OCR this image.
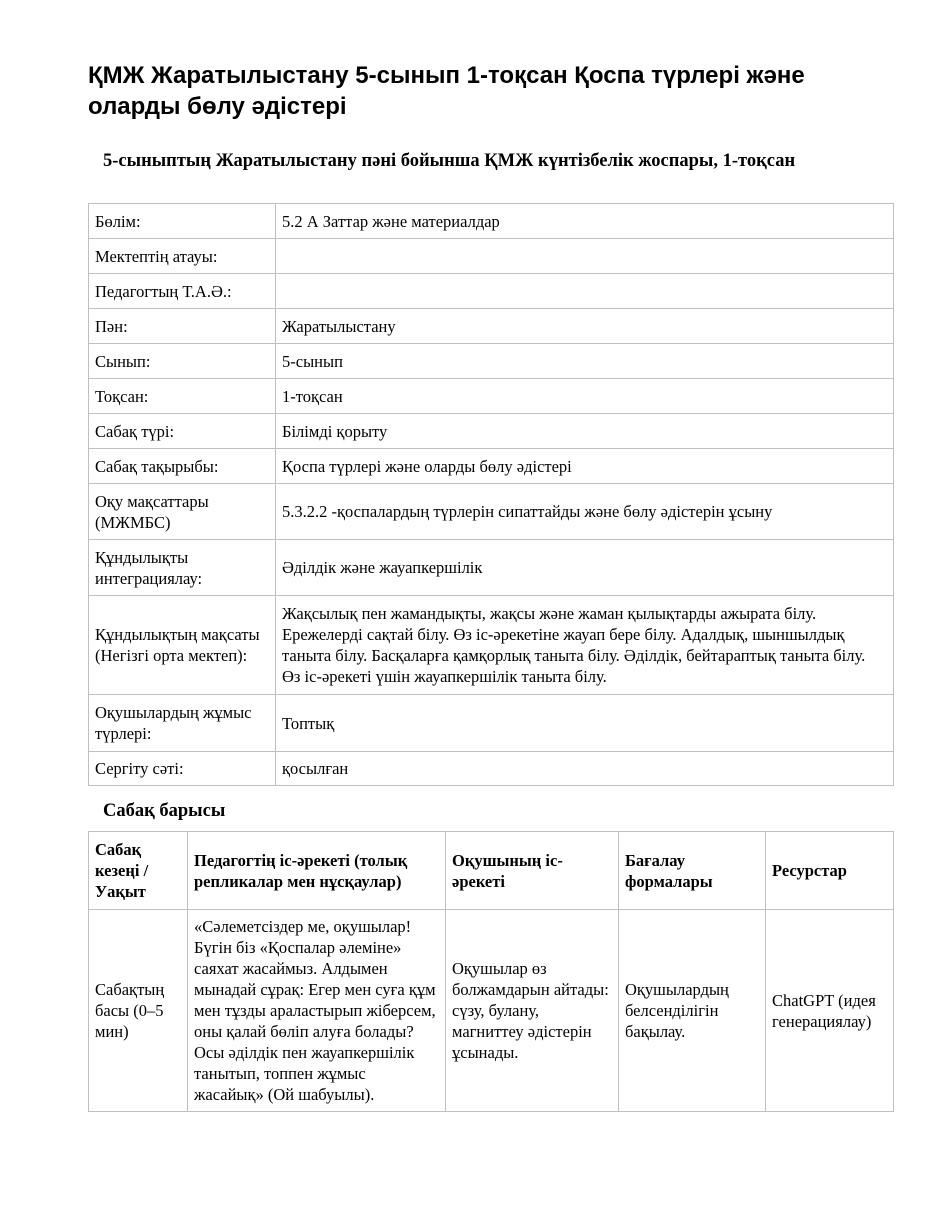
ҚМЖ Жаратылыстану 5-сынып 1-тоқсан Қоспа түрлері және оларды бөлу әдістері
5-сыныптың Жаратылыстану пәні бойынша ҚМЖ күнтізбелік жоспары, 1-тоқсан
Бөлім:	5.2 А Заттар және материалдар
Мектептің атауы:	
Педагогтың Т.А.Ә.:	
Пән:	Жаратылыстану
Сынып:	5-сынып
Тоқсан:	1-тоқсан
Сабақ түрі:	Білімді қорыту
Сабақ тақырыбы:	Қоспа түрлері және оларды бөлу әдістері
Оқу мақсаттары (МЖМБС)	5.3.2.2 -қоспалардың түрлерін сипаттайды және бөлу әдістерін ұсыну
Құндылықты интеграциялау:	Әділдік және жауапкершілік
Құндылықтың мақсаты (Негізгі орта мектеп):	Жақсылық пен жамандықты, жақсы және жаман қылықтарды ажырата білу. Ережелерді сақтай білу. Өз іс-әрекетіне жауап бере білу. Адалдық, шыншылдық танытa білу. Басқаларға қамқорлық танытa білу. Әділдік, бейтараптық танытa білу. Өз іс-әрекеті үшін жауапкершілік танытa білу.
Оқушылардың жұмыс түрлері:	Топтық
Сергіту сәті:	қосылған
Сабақ барысы
Сабақ кезеңі / Уақыт	Педагогтің іс-әрекеті (толық репликалар мен нұсқаулар)	Оқушының іс-әрекеті	Бағалау формалары	Ресурстар
Сабақтың басы (0–5 мин)	«Сәлеметсіздер ме, оқушылар! Бүгін біз «Қоспалар әлеміне» саяхат жасаймыз. Алдымен мынадай сұрақ: Егер мен суға құм мен тұзды араластырып жіберсем, оны қалай бөліп алуға болады? Осы әділдік пен жауапкершілік танытып, топпен жұмыс жасайық» (Ой шабуылы).	Оқушылар өз болжамдарын айтады: сүзу, булану, магниттеу әдістерін ұсынады.	Оқушылардың белсенділігін бақылау.	ChatGPT (идея генерациялау)
